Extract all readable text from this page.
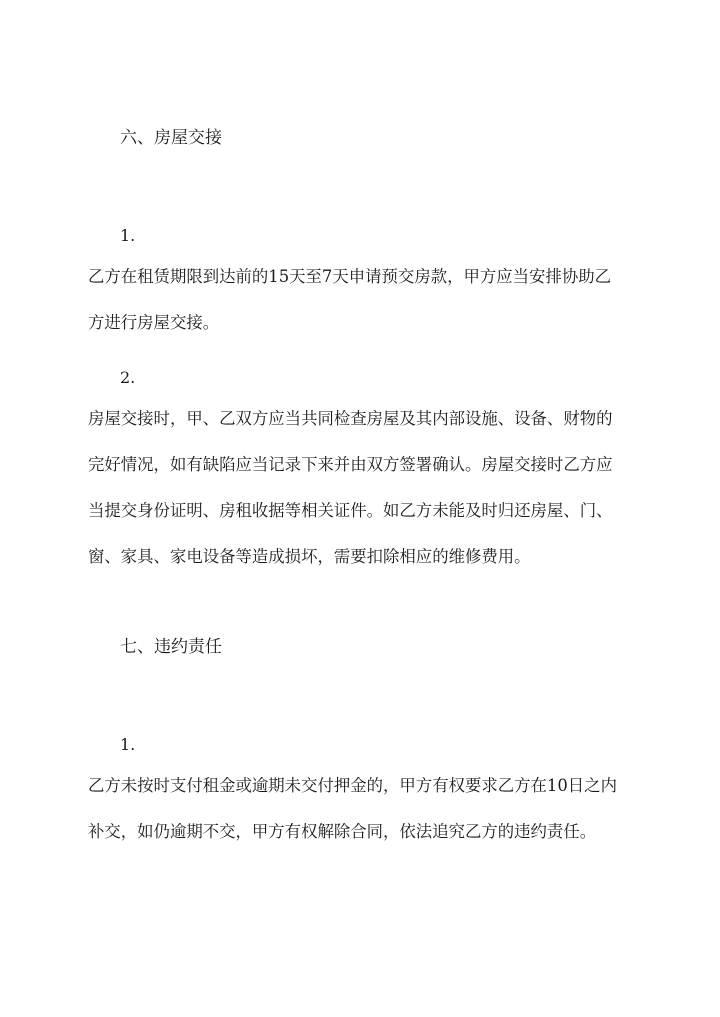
六、房屋交接
1.
乙方在租赁期限到达前的15天至7天申请预交房款，甲方应当安排协助乙
方进行房屋交接。
2.
房屋交接时，甲、乙双方应当共同检查房屋及其内部设施、设备、财物的
完好情况，如有缺陷应当记录下来并由双方签署确认。房屋交接时乙方应
当提交身份证明、房租收据等相关证件。如乙方未能及时归还房屋、门、
窗、家具、家电设备等造成损坏，需要扣除相应的维修费用。
七、违约责任
1.
乙方未按时支付租金或逾期未交付押金的，甲方有权要求乙方在10日之内
补交，如仍逾期不交，甲方有权解除合同，依法追究乙方的违约责任。
